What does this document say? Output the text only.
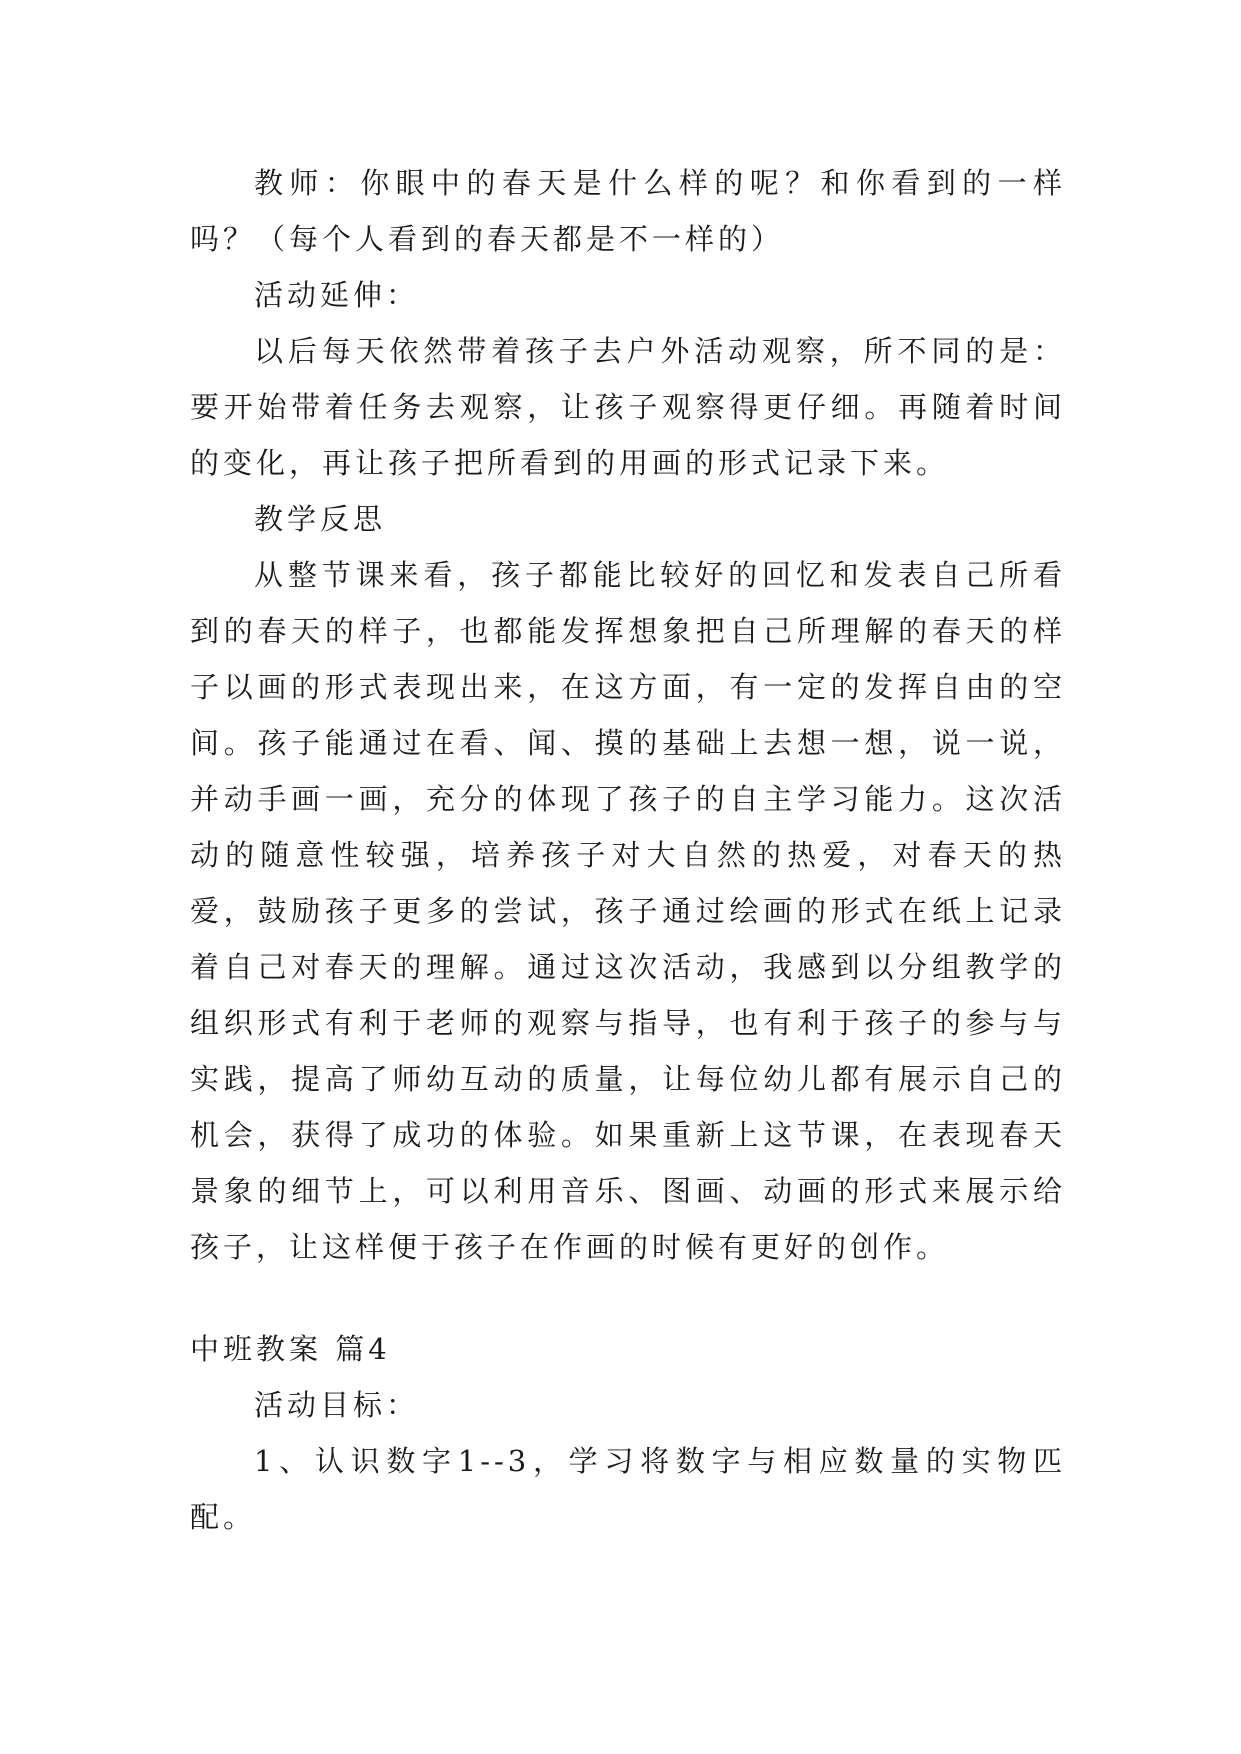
教师：你眼中的春天是什么样的呢？和你看到的一样吗？（每个人看到的春天都是不一样的）

活动延伸：

以后每天依然带着孩子去户外活动观察，所不同的是：要开始带着任务去观察，让孩子观察得更仔细。再随着时间的变化，再让孩子把所看到的用画的形式记录下来。

教学反思

从整节课来看，孩子都能比较好的回忆和发表自己所看到的春天的样子，也都能发挥想象把自己所理解的春天的样子以画的形式表现出来，在这方面，有一定的发挥自由的空间。孩子能通过在看、闻、摸的基础上去想一想，说一说，并动手画一画，充分的体现了孩子的自主学习能力。这次活动的随意性较强，培养孩子对大自然的热爱，对春天的热爱，鼓励孩子更多的尝试，孩子通过绘画的形式在纸上记录着自己对春天的理解。通过这次活动，我感到以分组教学的组织形式有利于老师的观察与指导，也有利于孩子的参与与实践，提高了师幼互动的质量，让每位幼儿都有展示自己的机会，获得了成功的体验。如果重新上这节课，在表现春天景象的细节上，可以利用音乐、图画、动画的形式来展示给孩子，让这样便于孩子在作画的时候有更好的创作。

中班教案 篇4

活动目标：

1、认识数字1--3，学习将数字与相应数量的实物匹配。
